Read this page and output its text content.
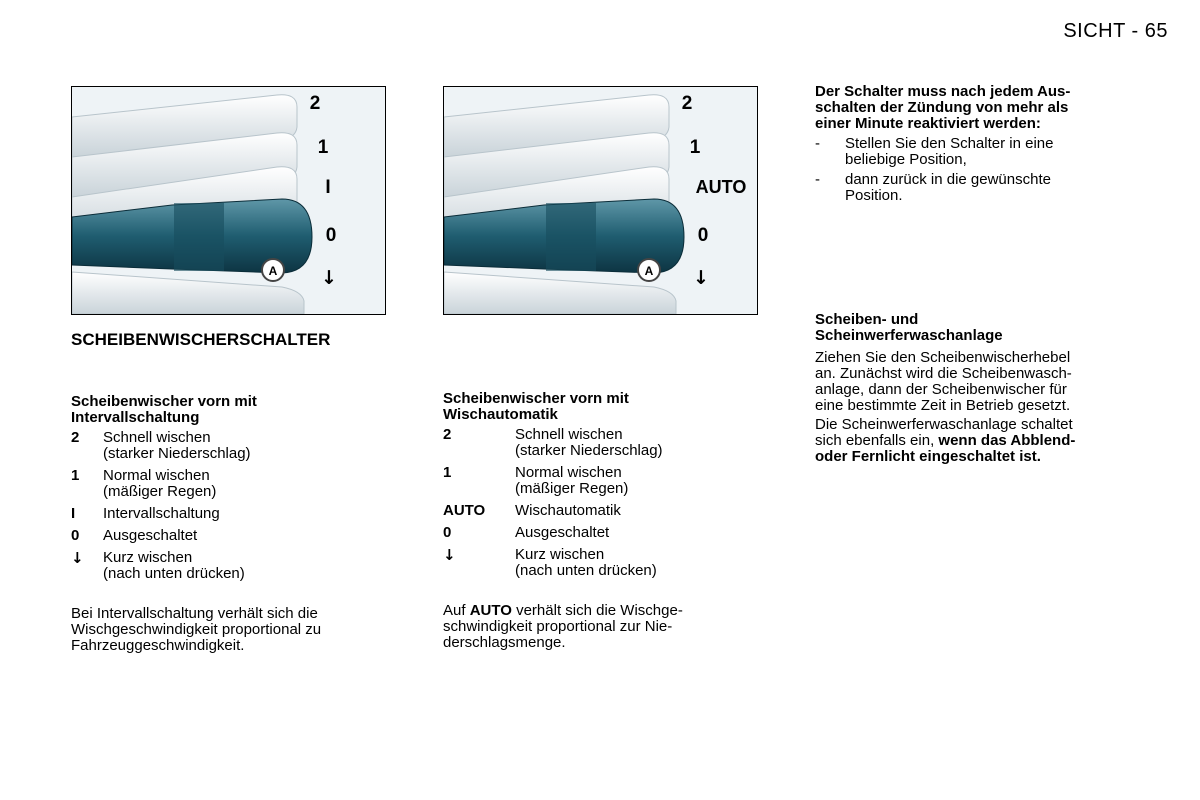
SICHT - 65
A
2
1
I
0
↓	A
2
1
AUTO
0
↓
SCHEIBENWISCHERSCHALTER
Scheibenwischer vorn mit
Intervallschaltung
2	Schnell wischen
(starker Niederschlag)
1	Normal wischen
(mäßiger Regen)
I	Intervallschaltung
0	Ausgeschaltet
↓	Kurz wischen
(nach unten drücken)
Bei Intervallschaltung verhält sich die
Wischgeschwindigkeit proportional zu
Fahrzeuggeschwindigkeit.
Scheibenwischer vorn mit
Wischautomatik
2	Schnell wischen
(starker Niederschlag)
1	Normal wischen
(mäßiger Regen)
AUTO	Wischautomatik
0	Ausgeschaltet
↓	Kurz wischen
(nach unten drücken)
Auf AUTO verhält sich die Wischge-
schwindigkeit proportional zur Nie-
derschlagsmenge.
Der Schalter muss nach jedem Aus-
schalten der Zündung von mehr als
einer Minute reaktiviert werden:
-	Stellen Sie den Schalter in eine
beliebige Position,
-	dann zurück in die gewünschte
Position.
Scheiben- und
Scheinwerferwaschanlage
Ziehen Sie den Scheibenwischerhebel
an. Zunächst wird die Scheibenwasch-
anlage, dann der Scheibenwischer für
eine bestimmte Zeit in Betrieb gesetzt.
Die Scheinwerferwaschanlage schaltet
sich ebenfalls ein, wenn das Abblend-
oder Fernlicht eingeschaltet ist.
